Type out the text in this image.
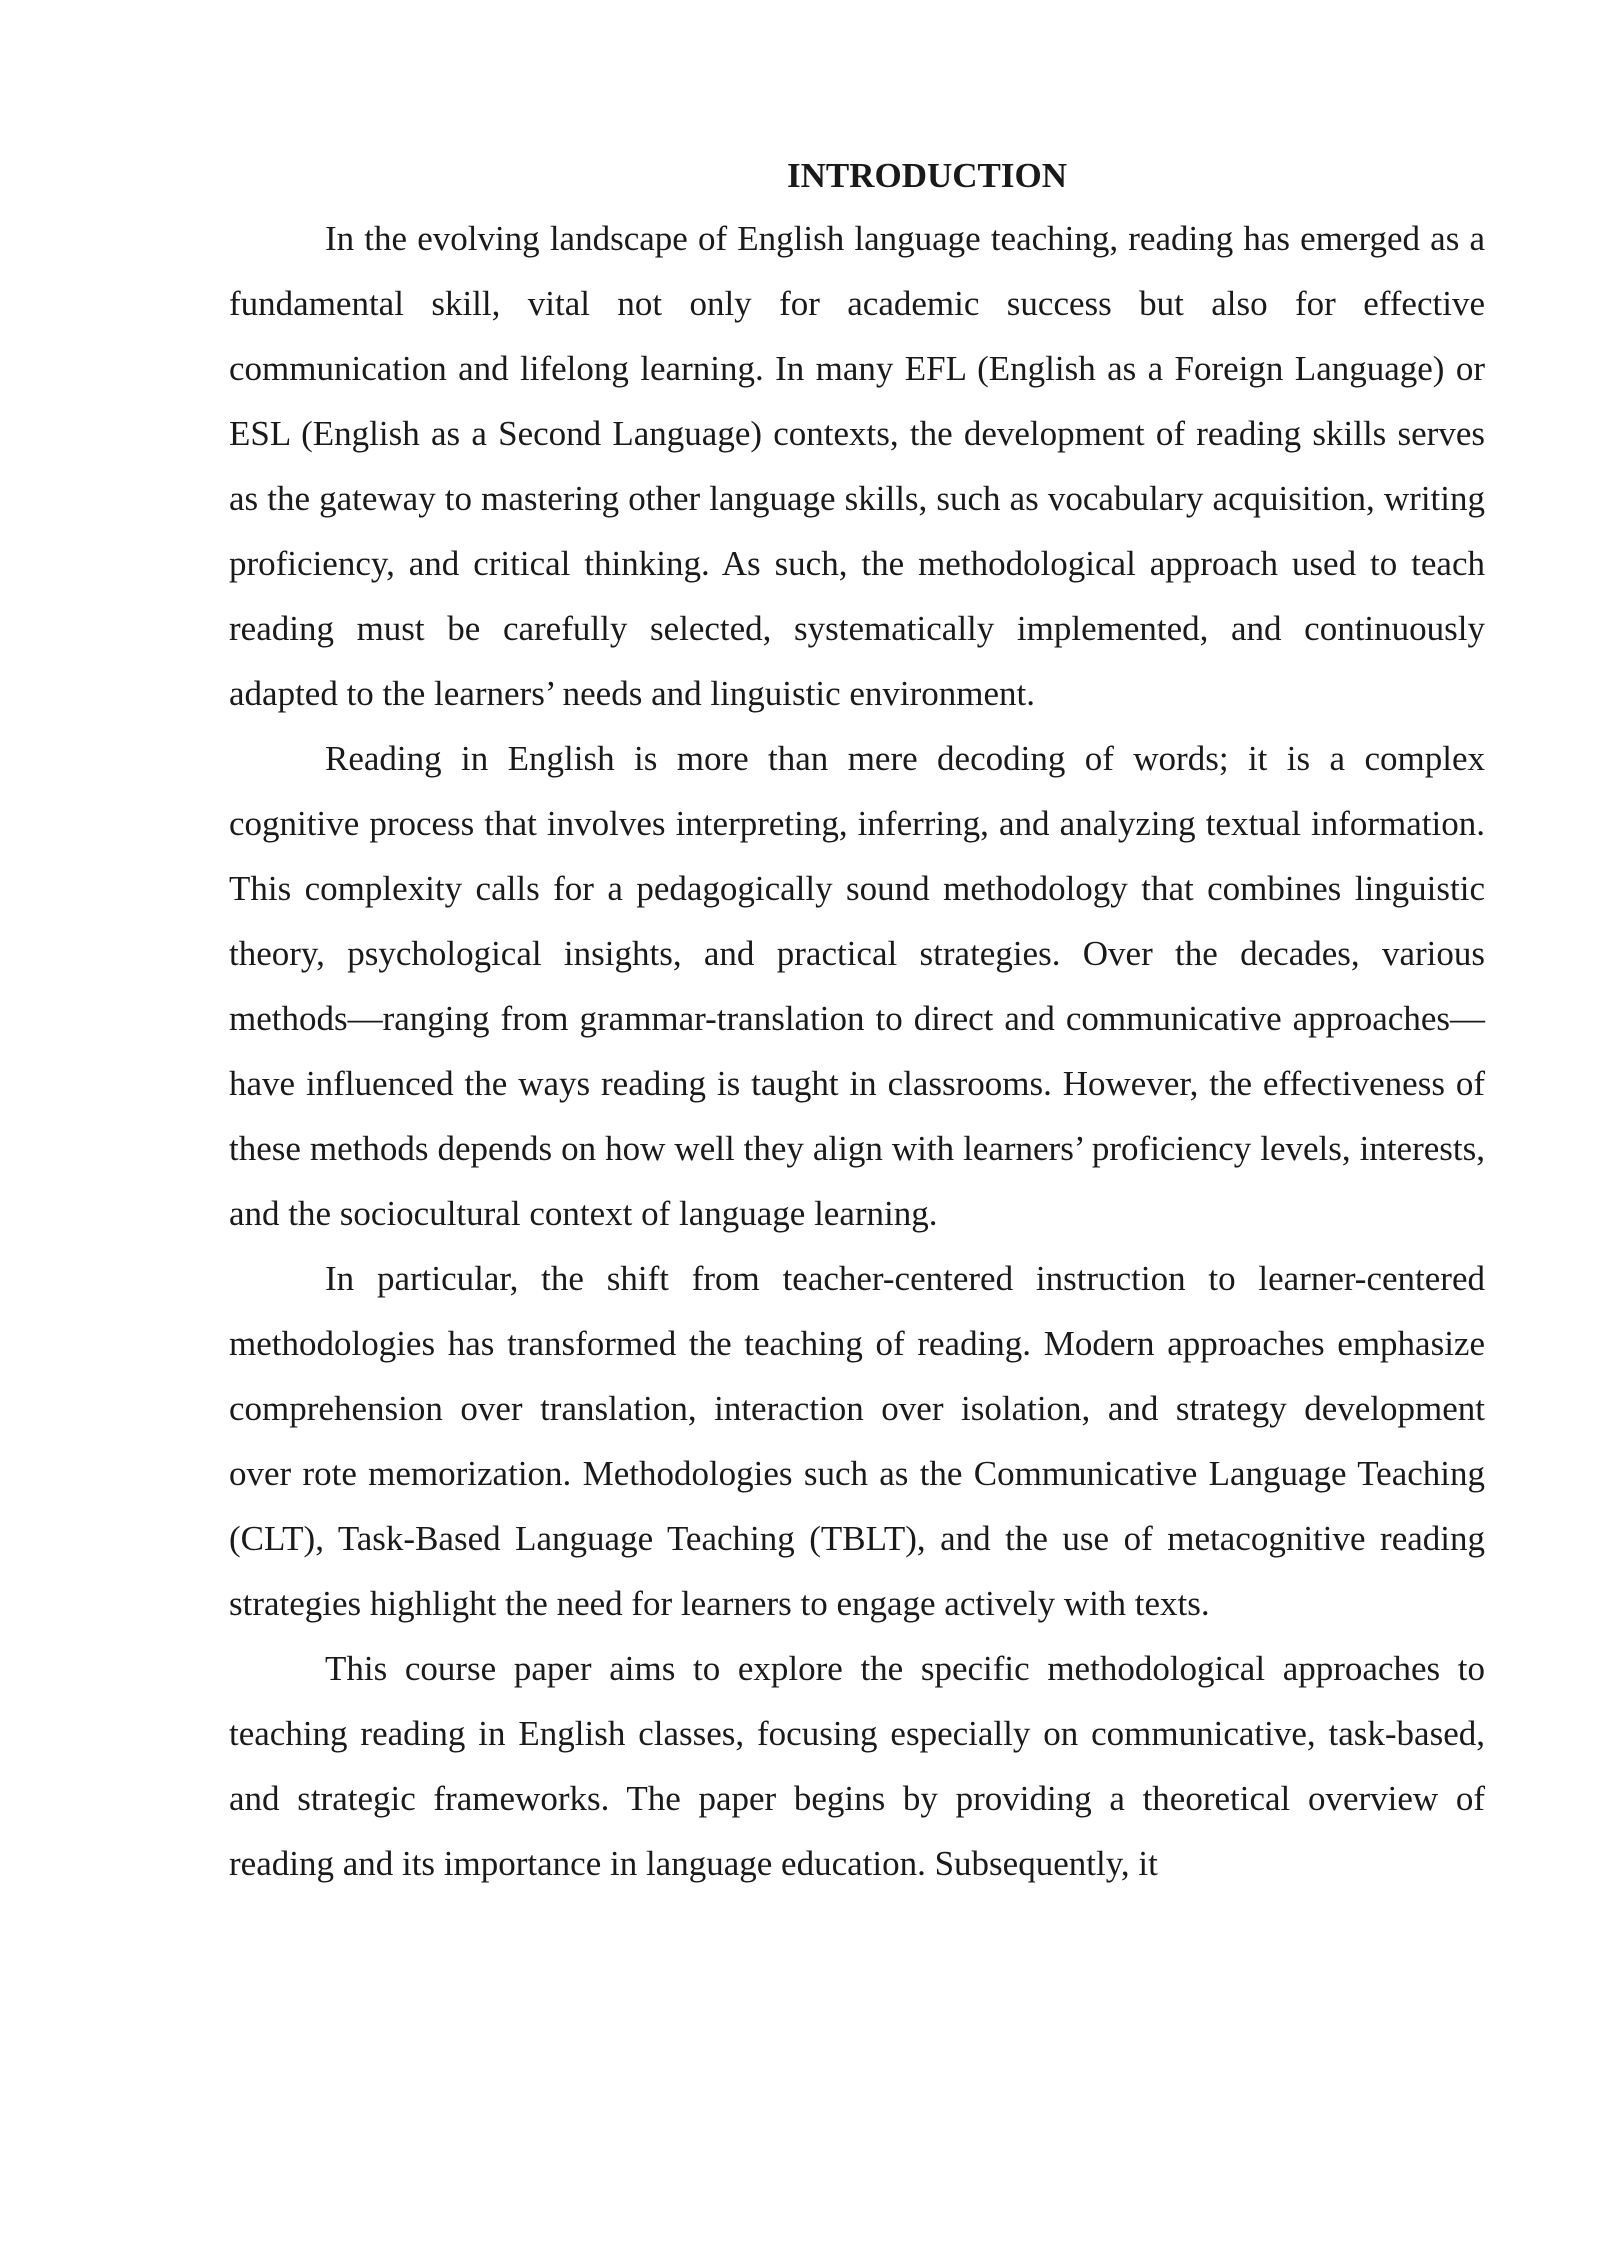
INTRODUCTION

In the evolving landscape of English language teaching, reading has emerged as a fundamental skill, vital not only for academic success but also for effective communication and lifelong learning. In many EFL (English as a Foreign Language) or ESL (English as a Second Language) contexts, the development of reading skills serves as the gateway to mastering other language skills, such as vocabulary acquisition, writing proficiency, and critical thinking. As such, the methodological approach used to teach reading must be carefully selected, systematically implemented, and continuously adapted to the learners’ needs and linguistic environment.

Reading in English is more than mere decoding of words; it is a complex cognitive process that involves interpreting, inferring, and analyzing textual information. This complexity calls for a pedagogically sound methodology that combines linguistic theory, psychological insights, and practical strategies. Over the decades, various methods—ranging from grammar-translation to direct and communicative approaches—have influenced the ways reading is taught in classrooms. However, the effectiveness of these methods depends on how well they align with learners’ proficiency levels, interests, and the sociocultural context of language learning.

In particular, the shift from teacher-centered instruction to learner-centered methodologies has transformed the teaching of reading. Modern approaches emphasize comprehension over translation, interaction over isolation, and strategy development over rote memorization. Methodologies such as the Communicative Language Teaching (CLT), Task-Based Language Teaching (TBLT), and the use of metacognitive reading strategies highlight the need for learners to engage actively with texts.

This course paper aims to explore the specific methodological approaches to teaching reading in English classes, focusing especially on communicative, task-based, and strategic frameworks. The paper begins by providing a theoretical overview of reading and its importance in language education. Subsequently, it
